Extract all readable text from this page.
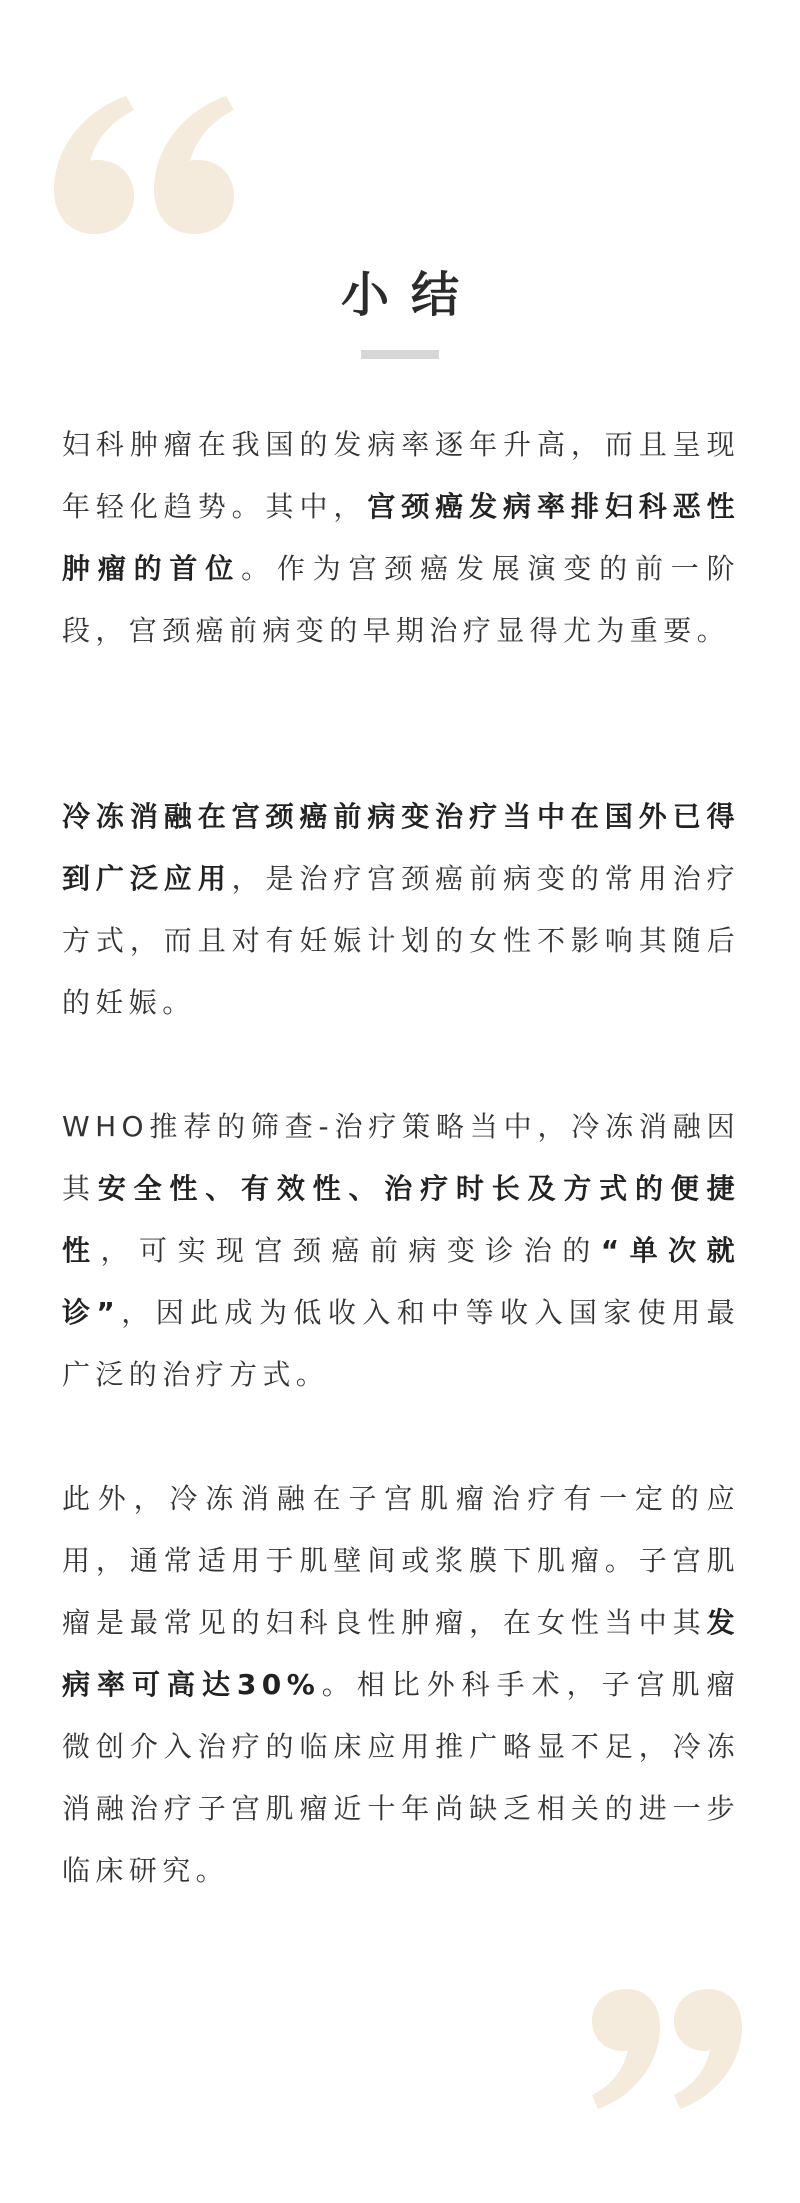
小结

妇科肿瘤在我国的发病率逐年升高，而且呈现年轻化趋势。其中，宫颈癌发病率排妇科恶性肿瘤的首位。作为宫颈癌发展演变的前一阶段，宫颈癌前病变的早期治疗显得尤为重要。

冷冻消融在宫颈癌前病变治疗当中在国外已得到广泛应用，是治疗宫颈癌前病变的常用治疗方式，而且对有妊娠计划的女性不影响其随后的妊娠。

WHO推荐的筛查-治疗策略当中，冷冻消融因其安全性、有效性、治疗时长及方式的便捷性，可实现宫颈癌前病变诊治的“单次就诊”，因此成为低收入和中等收入国家使用最广泛的治疗方式。

此外，冷冻消融在子宫肌瘤治疗有一定的应用，通常适用于肌壁间或浆膜下肌瘤。子宫肌瘤是最常见的妇科良性肿瘤，在女性当中其发病率可高达30%。相比外科手术，子宫肌瘤微创介入治疗的临床应用推广略显不足，冷冻消融治疗子宫肌瘤近十年尚缺乏相关的进一步临床研究。
